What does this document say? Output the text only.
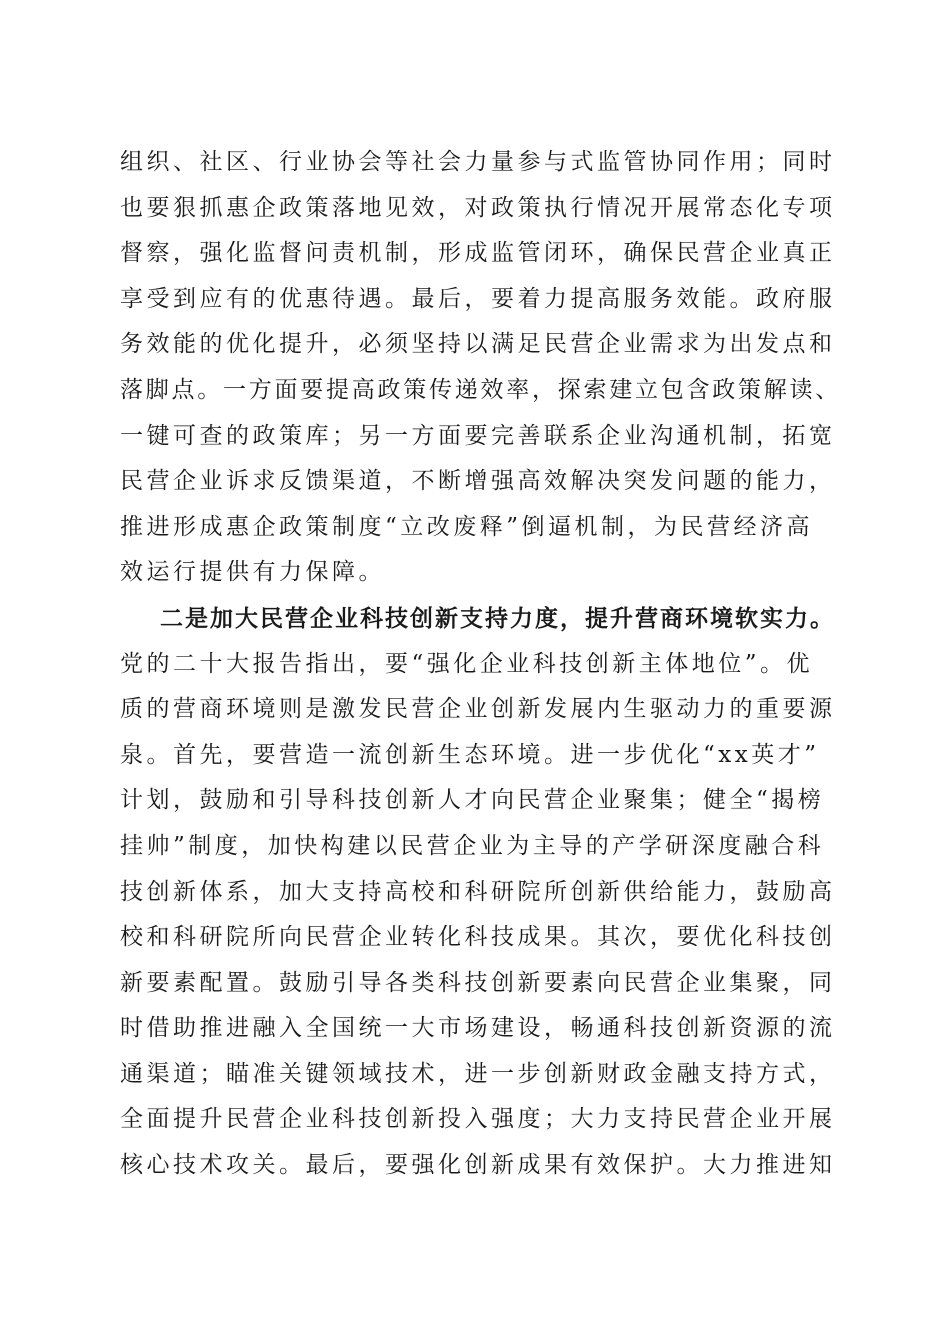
组织、社区、行业协会等社会力量参与式监管协同作用；同时
也要狠抓惠企政策落地见效，对政策执行情况开展常态化专项
督察，强化监督问责机制，形成监管闭环，确保民营企业真正
享受到应有的优惠待遇。最后，要着力提高服务效能。政府服
务效能的优化提升，必须坚持以满足民营企业需求为出发点和
落脚点。一方面要提高政策传递效率，探索建立包含政策解读、
一键可查的政策库；另一方面要完善联系企业沟通机制，拓宽
民营企业诉求反馈渠道，不断增强高效解决突发问题的能力，
推进形成惠企政策制度“立改废释”倒逼机制，为民营经济高
效运行提供有力保障。
二是加大民营企业科技创新支持力度，提升营商环境软实力。
党的二十大报告指出，要“强化企业科技创新主体地位”。优
质的营商环境则是激发民营企业创新发展内生驱动力的重要源
泉。首先，要营造一流创新生态环境。进一步优化“xx英才”
计划，鼓励和引导科技创新人才向民营企业聚集；健全“揭榜
挂帅”制度，加快构建以民营企业为主导的产学研深度融合科
技创新体系，加大支持高校和科研院所创新供给能力，鼓励高
校和科研院所向民营企业转化科技成果。其次，要优化科技创
新要素配置。鼓励引导各类科技创新要素向民营企业集聚，同
时借助推进融入全国统一大市场建设，畅通科技创新资源的流
通渠道；瞄准关键领域技术，进一步创新财政金融支持方式，
全面提升民营企业科技创新投入强度；大力支持民营企业开展
核心技术攻关。最后，要强化创新成果有效保护。大力推进知
